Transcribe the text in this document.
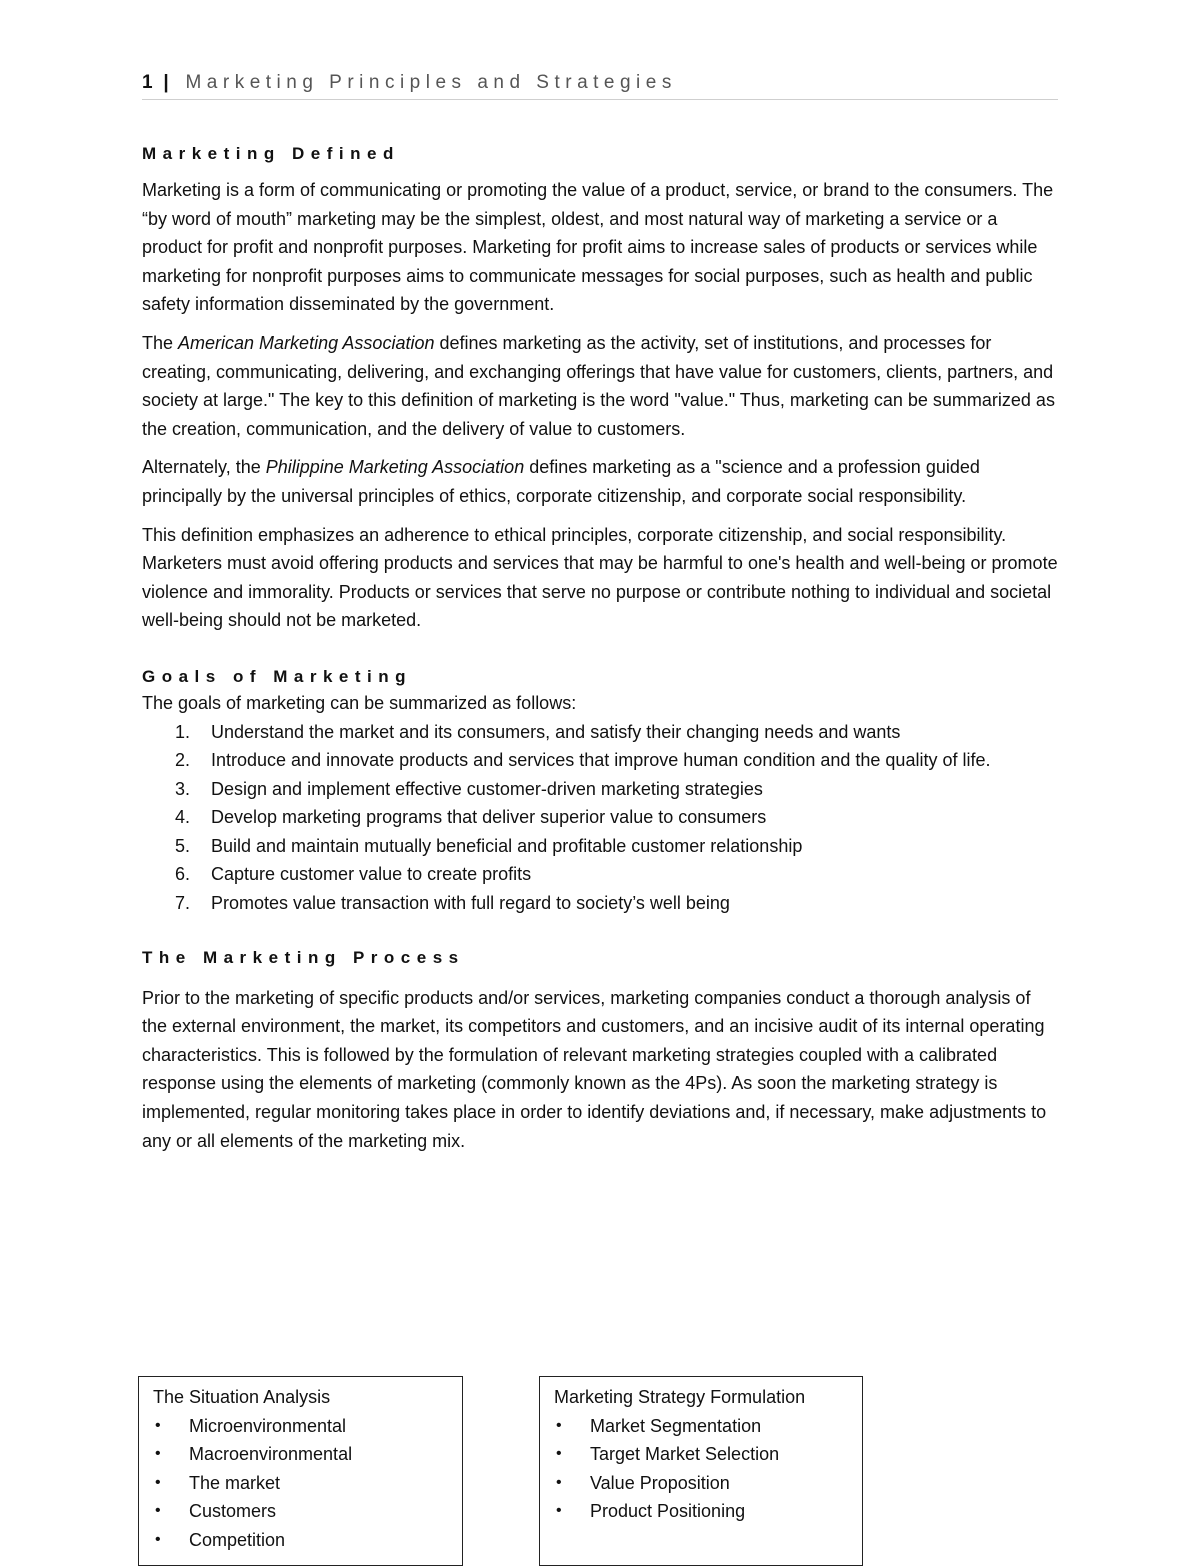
1 | Marketing Principles and Strategies
Marketing Defined

Marketing is a form of communicating or promoting the value of a product, service, or brand to the consumers. The “by word of mouth” marketing may be the simplest, oldest, and most natural way of marketing a service or a product for profit and nonprofit purposes. Marketing for profit aims to increase sales of products or services while marketing for nonprofit purposes aims to communicate messages for social purposes, such as health and public safety information disseminated by the government.

The American Marketing Association defines marketing as the activity, set of institutions, and processes for creating, communicating, delivering, and exchanging offerings that have value for customers, clients, partners, and society at large." The key to this definition of marketing is the word "value." Thus, marketing can be summarized as the creation, communication, and the delivery of value to customers.

Alternately, the Philippine Marketing Association defines marketing as a "science and a profession guided principally by the universal principles of ethics, corporate citizenship, and corporate social responsibility.

This definition emphasizes an adherence to ethical principles, corporate citizenship, and social responsibility. Marketers must avoid offering products and services that may be harmful to one's health and well-being or promote violence and immorality. Products or services that serve no purpose or contribute nothing to individual and societal well-being should not be marketed.

Goals of Marketing

The goals of marketing can be summarized as follows:

1. Understand the market and its consumers, and satisfy their changing needs and wants
2. Introduce and innovate products and services that improve human condition and the quality of life.
3. Design and implement effective customer-driven marketing strategies
4. Develop marketing programs that deliver superior value to consumers
5. Build and maintain mutually beneficial and profitable customer relationship
6. Capture customer value to create profits
7. Promotes value transaction with full regard to society’s well being
The Marketing Process

Prior to the marketing of specific products and/or services, marketing companies conduct a thorough analysis of the external environment, the market, its competitors and customers, and an incisive audit of its internal operating characteristics. This is followed by the formulation of relevant marketing strategies coupled with a calibrated response using the elements of marketing (commonly known as the 4Ps). As soon the marketing strategy is implemented, regular monitoring takes place in order to identify deviations and, if necessary, make adjustments to any or all elements of the marketing mix.

The Situation Analysis
• Microenvironmental
• Macroenvironmental
• The market
• Customers
• Competition
Marketing Strategy Formulation
• Market Segmentation
• Target Market Selection
• Value Proposition
• Product Positioning
